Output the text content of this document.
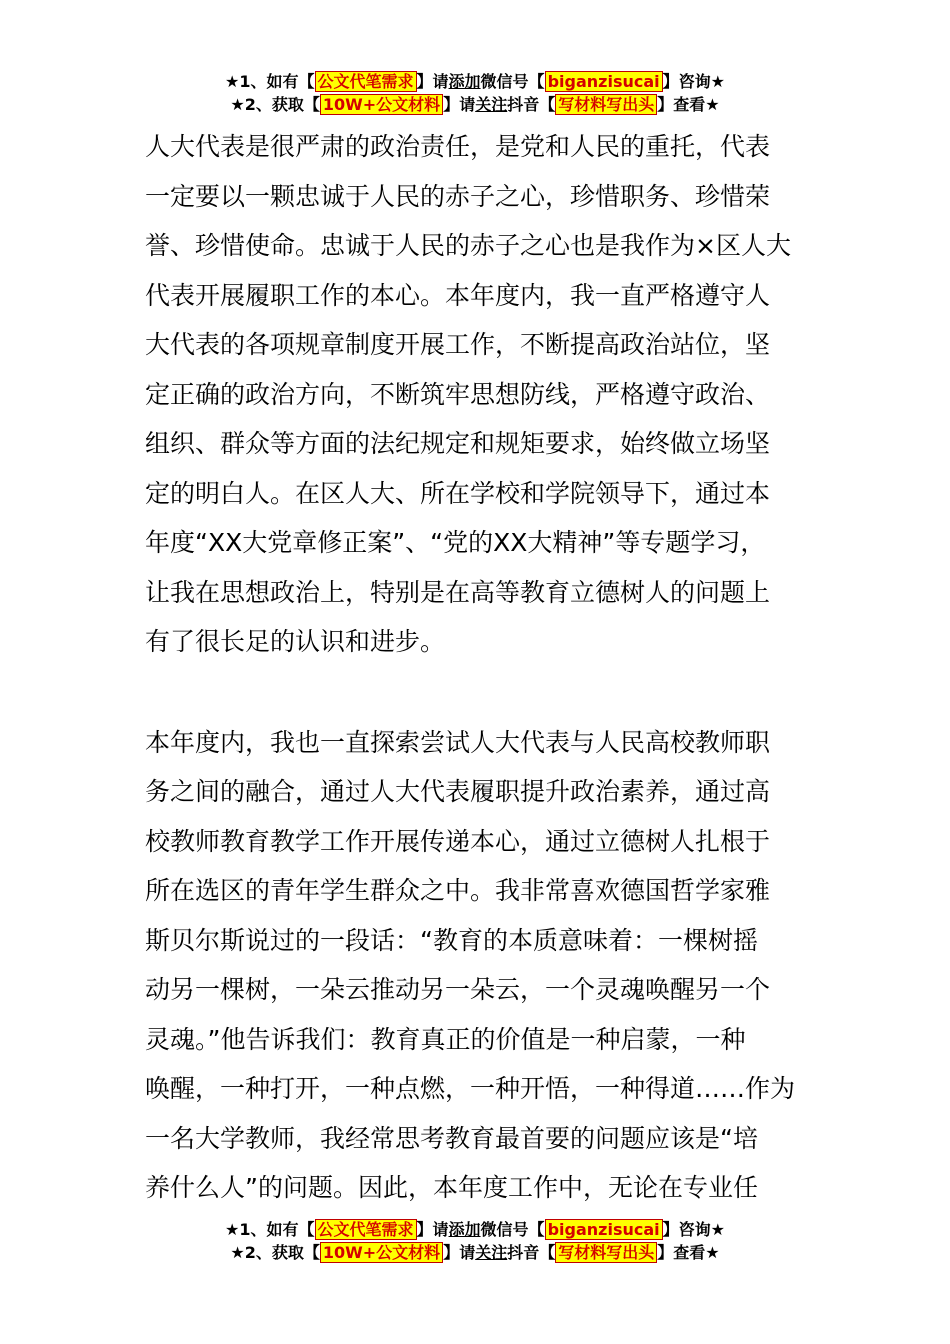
★1、如有【 公文代笔需求 】请添加微信号【 biganzisucai 】咨询★
★2、获取【 10W+公文材料 】请关注抖音【 写材料写出头 】查看★

人大代表是很严肃的政治责任，是党和人民的重托，代表
一定要以一颗忠诚于人民的赤子之心，珍惜职务、珍惜荣
誉、珍惜使命。忠诚于人民的赤子之心也是我作为×区人大
代表开展履职工作的本心。本年度内，我一直严格遵守人
大代表的各项规章制度开展工作，不断提高政治站位，坚
定正确的政治方向，不断筑牢思想防线，严格遵守政治、
组织、群众等方面的法纪规定和规矩要求，始终做立场坚
定的明白人。在区人大、所在学校和学院领导下，通过本
年度“XX大党章修正案”、“党的XX大精神”等专题学习，
让我在思想政治上，特别是在高等教育立德树人的问题上
有了很长足的认识和进步。

本年度内，我也一直探索尝试人大代表与人民高校教师职
务之间的融合，通过人大代表履职提升政治素养，通过高
校教师教育教学工作开展传递本心，通过立德树人扎根于
所在选区的青年学生群众之中。我非常喜欢德国哲学家雅
斯贝尔斯说过的一段话：“教育的本质意味着：一棵树摇
动另一棵树，一朵云推动另一朵云，一个灵魂唤醒另一个
灵魂。”他告诉我们：教育真正的价值是一种启蒙，一种
唤醒，一种打开，一种点燃，一种开悟，一种得道……作为
一名大学教师，我经常思考教育最首要的问题应该是“培
养什么人”的问题。因此，本年度工作中，无论在专业任

★1、如有【 公文代笔需求 】请添加微信号【 biganzisucai 】咨询★
★2、获取【 10W+公文材料 】请关注抖音【 写材料写出头 】查看★
